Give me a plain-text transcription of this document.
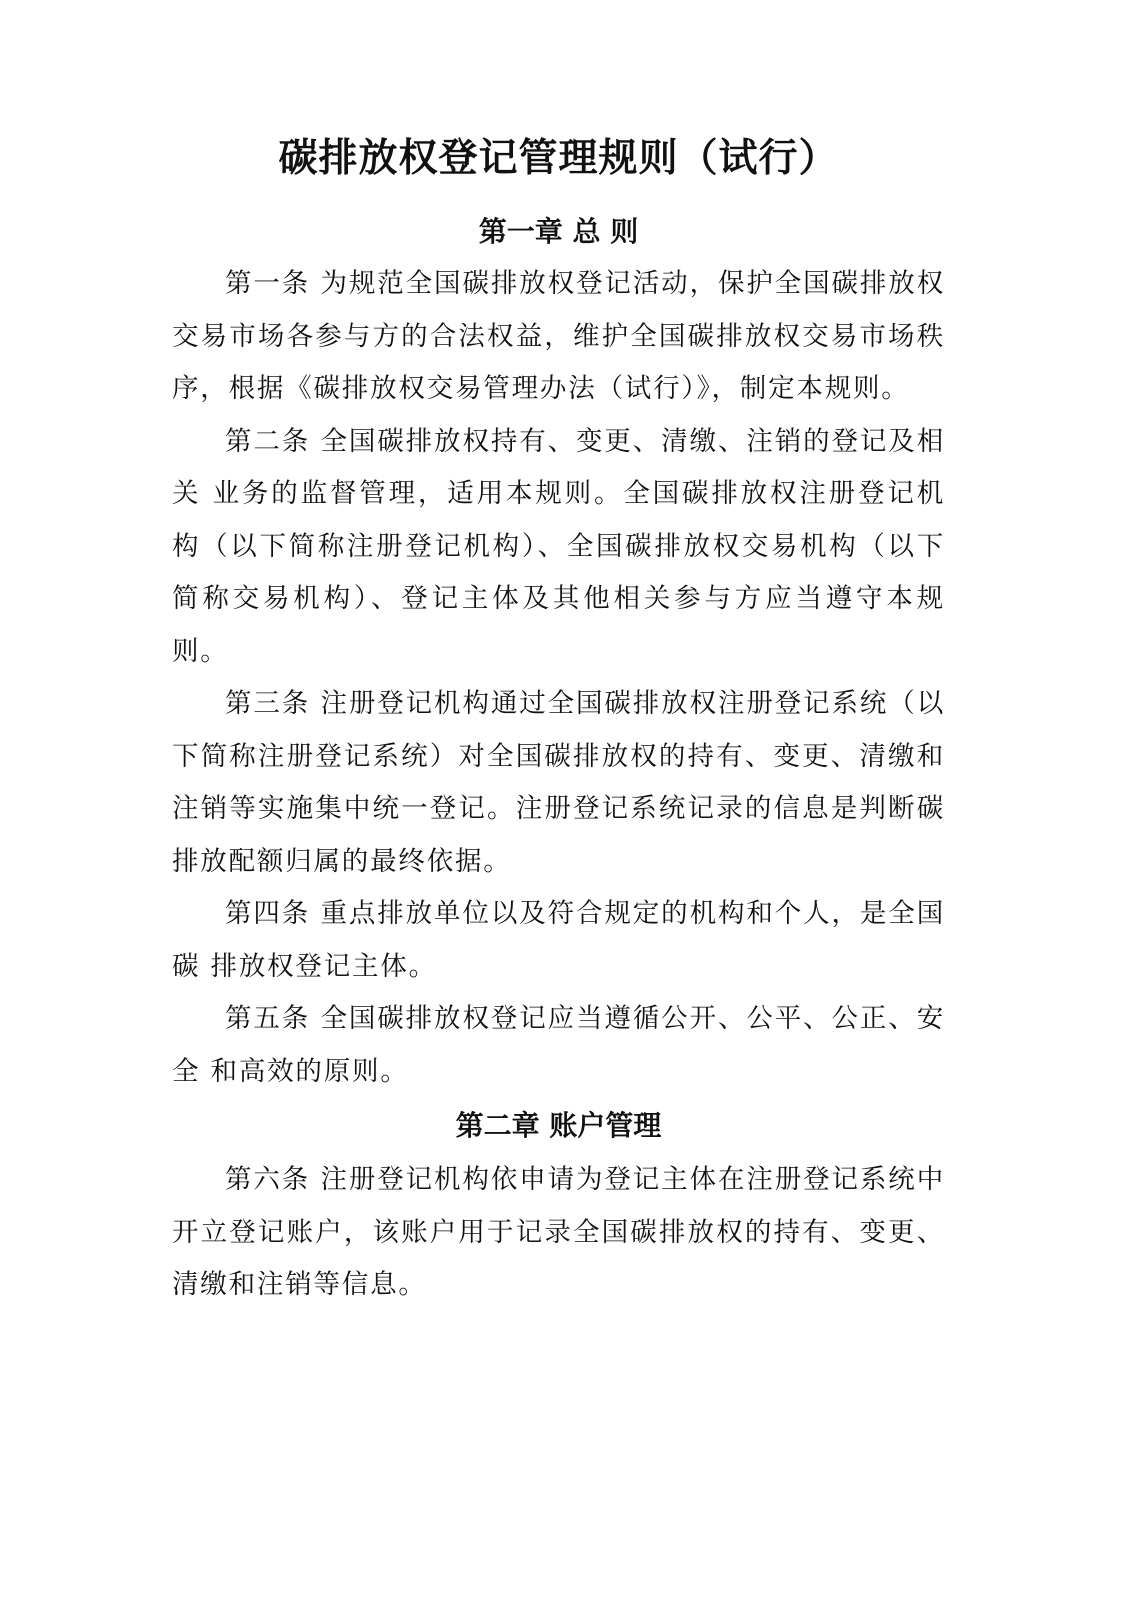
碳排放权登记管理规则（试行）
第一章 总 则

第一条 为规范全国碳排放权登记活动，保护全国碳排放权交易市场各参与方的合法权益，维护全国碳排放权交易市场秩序，根据《碳排放权交易管理办法（试行）》，制定本规则。

第二条 全国碳排放权持有、变更、清缴、注销的登记及相关 业务的监督管理，适用本规则。全国碳排放权注册登记机构（以下简称注册登记机构）、全国碳排放权交易机构（以下简称交易机构）、登记主体及其他相关参与方应当遵守本规则。

第三条 注册登记机构通过全国碳排放权注册登记系统（以下简称注册登记系统）对全国碳排放权的持有、变更、清缴和注销等实施集中统一登记。注册登记系统记录的信息是判断碳排放配额归属的最终依据。

第四条 重点排放单位以及符合规定的机构和个人，是全国碳 排放权登记主体。

第五条 全国碳排放权登记应当遵循公开、公平、公正、安全 和高效的原则。

第二章 账户管理

第六条 注册登记机构依申请为登记主体在注册登记系统中开立登记账户，该账户用于记录全国碳排放权的持有、变更、清缴和注销等信息。
